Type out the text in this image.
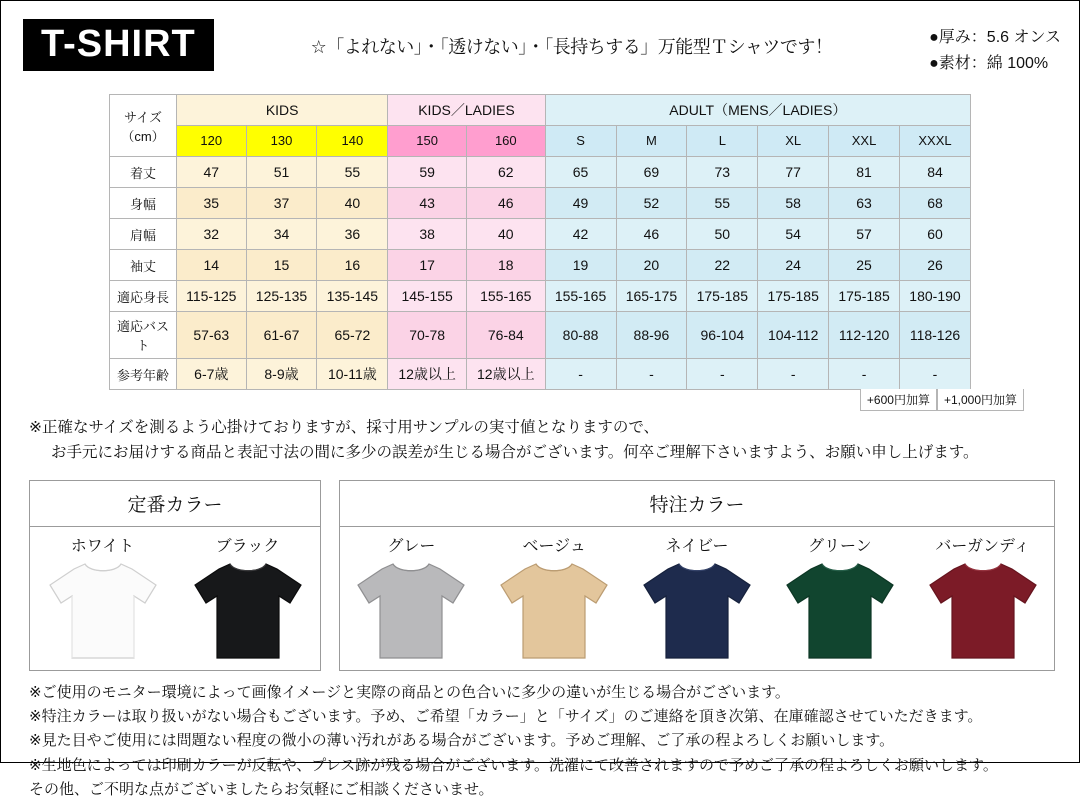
T-SHIRT	☆「よれない」・「透けない」・「長持ちする」万能型Ｔシャツです！	●厚み：5.6 オンス
●素材：綿 100%
サイズ
（cm）	KIDS			KIDS／LADIES		ADULT（MENS／LADIES）					
	120	130	140	150	160	S	M	L	XL	XXL	XXXL
着丈	47	51	55	59	62	65	69	73	77	81	84
身幅	35	37	40	43	46	49	52	55	58	63	68
肩幅	32	34	36	38	40	42	46	50	54	57	60
袖丈	14	15	16	17	18	19	20	22	24	25	26
適応身長	115-125	125-135	135-145	145-155	155-165	155-165	165-175	175-185	175-185	175-185	180-190
適応バスト	57-63	61-67	65-72	70-78	76-84	80-88	88-96	96-104	104-112	112-120	118-126
参考年齢	6-7歳	8-9歳	10-11歳	12歳以上	12歳以上	-	-	-	-	-	-
+600円加算	+1,000円加算
※正確なサイズを測るよう心掛けておりますが、採寸用サンプルの実寸値となりますので、
お手元にお届けする商品と表記寸法の間に多少の誤差が生じる場合がございます。何卒ご理解下さいますよう、お願い申し上げます。
定番カラー
ホワイト	ブラック
特注カラー
グレー	ベージュ	ネイビー	グリーン	バーガンディ
※ご使用のモニター環境によって画像イメージと実際の商品との色合いに多少の違いが生じる場合がございます。
※特注カラーは取り扱いがない場合もございます。予め、ご希望「カラー」と「サイズ」のご連絡を頂き次第、在庫確認させていただきます。
※見た目やご使用には問題ない程度の微小の薄い汚れがある場合がございます。予めご理解、ご了承の程よろしくお願いします。
※生地色によっては印刷カラーが反転や、プレス跡が残る場合がございます。洗濯にて改善されますので予めご了承の程よろしくお願いします。
その他、ご不明な点がございましたらお気軽にご相談くださいませ。
